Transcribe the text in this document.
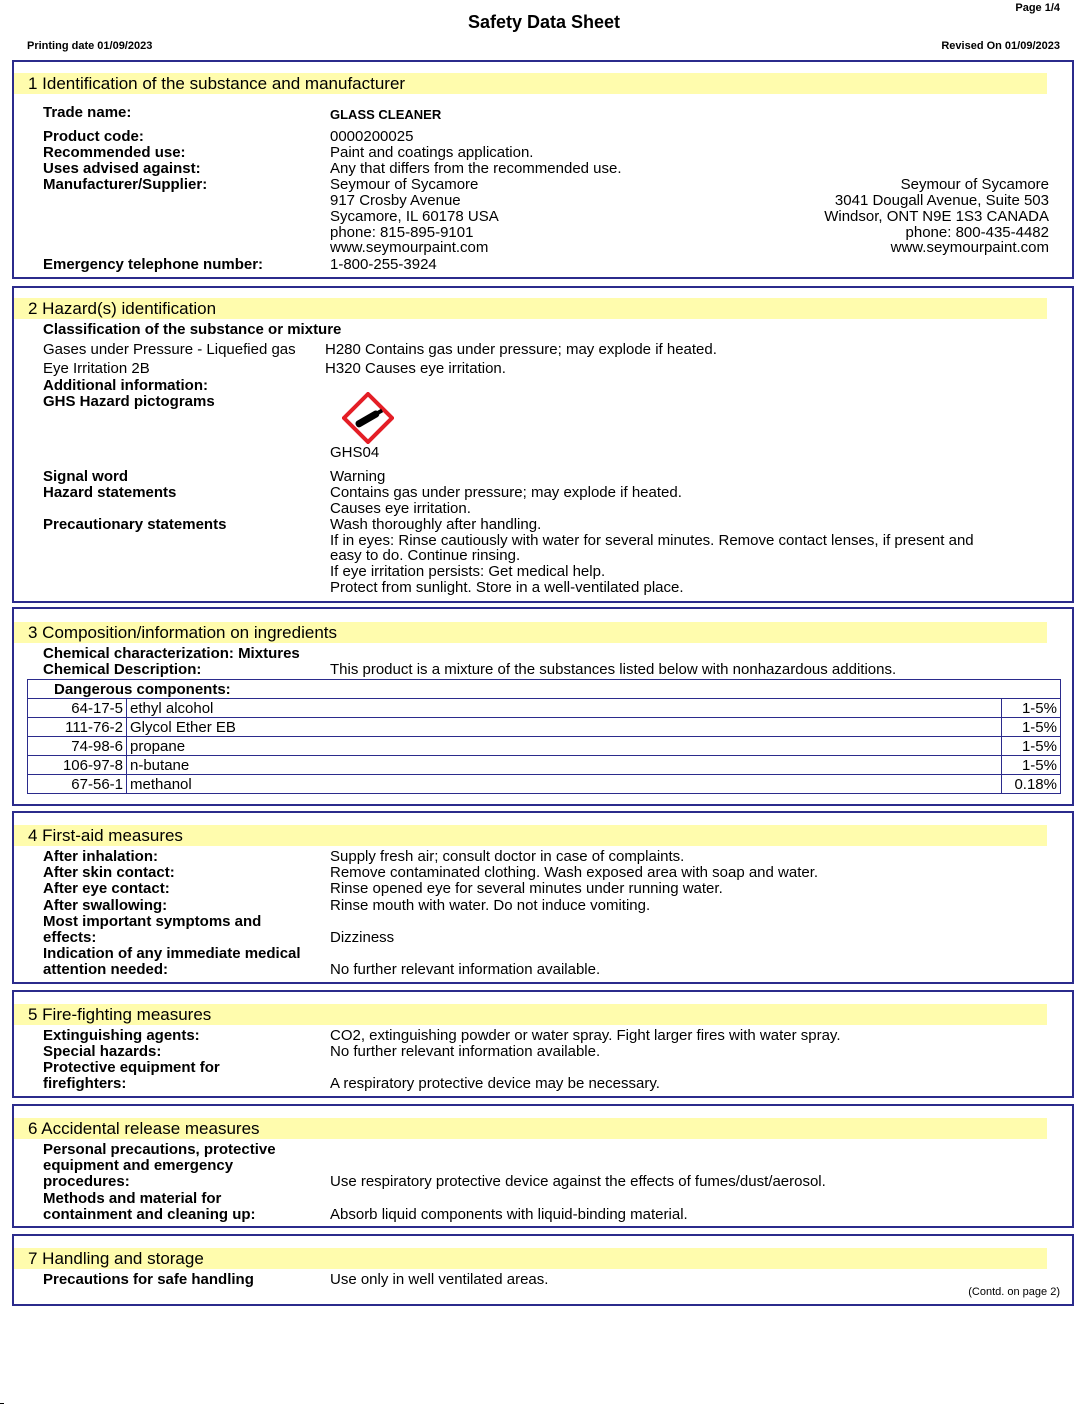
Page 1/4
Safety Data Sheet
Printing date 01/09/2023	Revised On 01/09/2023
1 Identification of the substance and manufacturer
Trade name:	GLASS CLEANER
Product code:	0000200025
Recommended use:	Paint and coatings application.
Uses advised against:	Any that differs from the recommended use.
Manufacturer/Supplier:	Seymour of Sycamore	Seymour of Sycamore
917 Crosby Avenue	3041 Dougall Avenue, Suite 503
Sycamore, IL 60178 USA	Windsor, ONT N9E 1S3 CANADA
phone: 815-895-9101	phone: 800-435-4482
www.seymourpaint.com	www.seymourpaint.com
Emergency telephone number:	1-800-255-3924
2 Hazard(s) identification
Classification of the substance or mixture
Gases under Pressure - Liquefied gas	H280 Contains gas under pressure; may explode if heated.
Eye Irritation 2B	H320 Causes eye irritation.
Additional information:
GHS Hazard pictograms
GHS04
Signal word	Warning
Hazard statements	Contains gas under pressure; may explode if heated.
Causes eye irritation.
Precautionary statements	Wash thoroughly after handling.
If in eyes: Rinse cautiously with water for several minutes. Remove contact lenses, if present and
easy to do. Continue rinsing.
If eye irritation persists: Get medical help.
Protect from sunlight. Store in a well-ventilated place.
3 Composition/information on ingredients
Chemical characterization: Mixtures
Chemical Description:	This product is a mixture of the substances listed below with nonhazardous additions.
Dangerous components:		
64-17-5	ethyl alcohol	1-5%
111-76-2	Glycol Ether EB	1-5%
74-98-6	propane	1-5%
106-97-8	n-butane	1-5%
67-56-1	methanol	0.18%
4 First-aid measures
After inhalation:	Supply fresh air; consult doctor in case of complaints.
After skin contact:	Remove contaminated clothing. Wash exposed area with soap and water.
After eye contact:	Rinse opened eye for several minutes under running water.
After swallowing:	Rinse mouth with water. Do not induce vomiting.
Most important symptoms and
effects:	Dizziness
Indication of any immediate medical
attention needed:	No further relevant information available.
5 Fire-fighting measures
Extinguishing agents:	CO2, extinguishing powder or water spray. Fight larger fires with water spray.
Special hazards:	No further relevant information available.
Protective equipment for
firefighters:	A respiratory protective device may be necessary.
6 Accidental release measures
Personal precautions, protective
equipment and emergency
procedures:	Use respiratory protective device against the effects of fumes/dust/aerosol.
Methods and material for
containment and cleaning up:	Absorb liquid components with liquid-binding material.
7 Handling and storage
Precautions for safe handling	Use only in well ventilated areas.
(Contd. on page 2)
